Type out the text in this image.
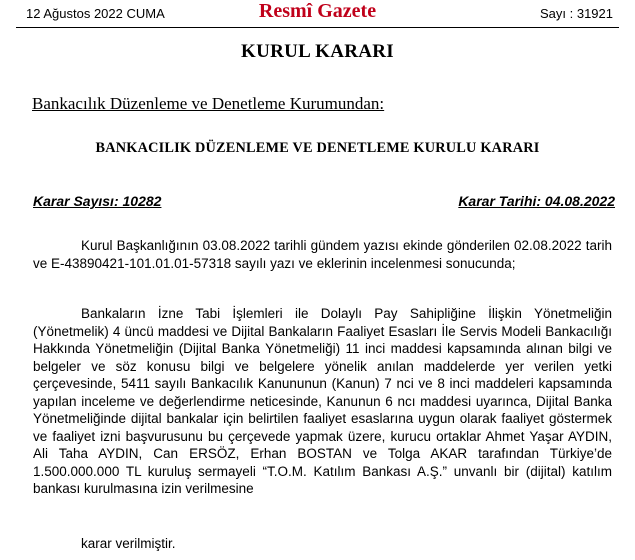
12 Ağustos 2022 CUMA	Resmî Gazete	Sayı : 31921
KURUL KARARI
Bankacılık Düzenleme ve Denetleme Kurumundan:
BANKACILIK DÜZENLEME VE DENETLEME KURULU KARARI
Karar Sayısı: 10282	Karar Tarihi: 04.08.2022

Kurul Başkanlığının 03.08.2022 tarihli gündem yazısı ekinde gönderilen 02.08.2022 tarih ve E-43890421-101.01.01-57318 sayılı yazı ve eklerinin incelenmesi sonucunda;

Bankaların İzne Tabi İşlemleri ile Dolaylı Pay Sahipliğine İlişkin Yönetmeliğin (Yönetmelik) 4 üncü maddesi ve Dijital Bankaların Faaliyet Esasları İle Servis Modeli Bankacılığı Hakkında Yönetmeliğin (Dijital Banka Yönetmeliği) 11 inci maddesi kapsamında alınan bilgi ve belgeler ve söz konusu bilgi ve belgelere yönelik anılan maddelerde yer verilen yetki çerçevesinde, 5411 sayılı Bankacılık Kanununun (Kanun) 7 nci ve 8 inci maddeleri kapsamında yapılan inceleme ve değerlendirme neticesinde, Kanunun 6 ncı maddesi uyarınca, Dijital Banka Yönetmeliğinde dijital bankalar için belirtilen faaliyet esaslarına uygun olarak faaliyet göstermek ve faaliyet izni başvurusunu bu çerçevede yapmak üzere, kurucu ortaklar Ahmet Yaşar AYDIN, Ali Taha AYDIN, Can ERSÖZ, Erhan BOSTAN ve Tolga AKAR tarafından Türkiye’de 1.500.000.000 TL kuruluş sermayeli “T.O.M. Katılım Bankası A.Ş.” unvanlı bir (dijital) katılım bankası kurulmasına izin verilmesine

karar verilmiştir.
